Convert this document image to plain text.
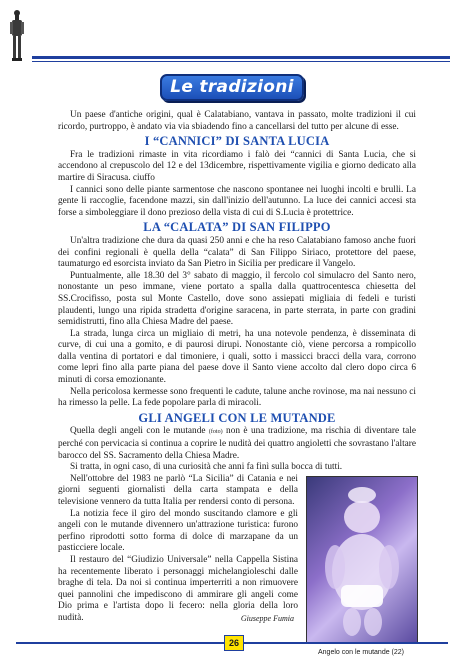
Le tradizioni

Un paese d'antiche origini, qual è Calatabiano, vantava in passato, molte tradizioni il cui ricordo, purtroppo, è andato via via sbiadendo fino a cancellarsi del tutto per alcune di esse.

I “CANNICI” DI SANTA LUCIA

Fra le tradizioni rimaste in vita ricordiamo i falò dei “cannici di Santa Lucia, che si accendono al crepuscolo del 12 e del 13dicembre, rispettivamente vigilia e giorno dedicato alla martire di Siracusa. ciuffo

I cannici sono delle piante sarmentose che nascono spontanee nei luoghi incolti e brulli. La gente li raccoglie, facendone mazzi, sin dall'inizio dell'autunno. La luce dei cannici accesi sta forse a simboleggiare il dono prezioso della vista di cui di S.Lucia è protettrice.

LA “CALATA” DI SAN FILIPPO

Un'altra tradizione che dura da quasi 250 anni e che ha reso Calatabiano famoso anche fuori dei confini regionali è quella della “calata” di San Filippo Siriaco, protettore del paese, taumaturgo ed esorcista inviato da San Pietro in Sicilia per predicare il Vangelo.

Puntualmente, alle 18.30 del 3° sabato di maggio, il fercolo col simulacro del Santo nero, nonostante un peso immane, viene portato a spalla dalla quattrocentesca chiesetta del SS.Crocifisso, posta sul Monte Castello, dove sono assiepati migliaia di fedeli e turisti plaudenti, lungo una ripida stradetta d'origine saracena, in parte sterrata, in parte con gradini semidistrutti, fino alla Chiesa Madre del paese.

La strada, lunga circa un migliaio di metri, ha una notevole pendenza, è disseminata di curve, di cui una a gomito, e di paurosi dirupi. Nonostante ciò, viene percorsa a rompicollo dalla ventina di portatori e dal timoniere, i quali, sotto i massicci bracci della vara, corrono come lepri fino alla parte piana del paese dove il Santo viene accolto dal clero dopo circa 6 minuti di corsa emozionante.

Nella pericolosa kermesse sono frequenti le cadute, talune anche rovinose, ma nai nessuno ci ha rimesso la pelle. La fede popolare parla di miracoli.

GLI ANGELI CON LE MUTANDE

Quella degli angeli con le mutande (foto) non è una tradizione, ma rischia di diventare tale perché con pervicacia si continua a coprire le nudità dei quattro angioletti che sovrastano l'altare barocco del SS. Sacramento della Chiesa Madre.

Si tratta, in ogni caso, di una curiosità che anni fa finì sulla bocca di tutti.

Angelo con le mutande (22)

Nell'ottobre del 1983 ne parlò “La Sicilia” di Catania e nei giorni seguenti giornalisti della carta stampata e della televisione vennero da tutta Italia per rendersi conto di persona.

La notizia fece il giro del mondo suscitando clamore e gli angeli con le mutande divennero un'attrazione turistica: furono perfino riprodotti sotto forma di dolce di marzapane da un pasticciere locale.

Il restauro del “Giudizio Universale” nella Cappella Sistina ha recentemente liberato i personaggi michelangioleschi dalle braghe di tela. Da noi si continua imperterriti a non rimuovere quei pannolini che impediscono di ammirare gli angeli come Dio prima e l'artista dopo li fecero: nella gloria della loro nudità.	Giuseppe Fumia

26
